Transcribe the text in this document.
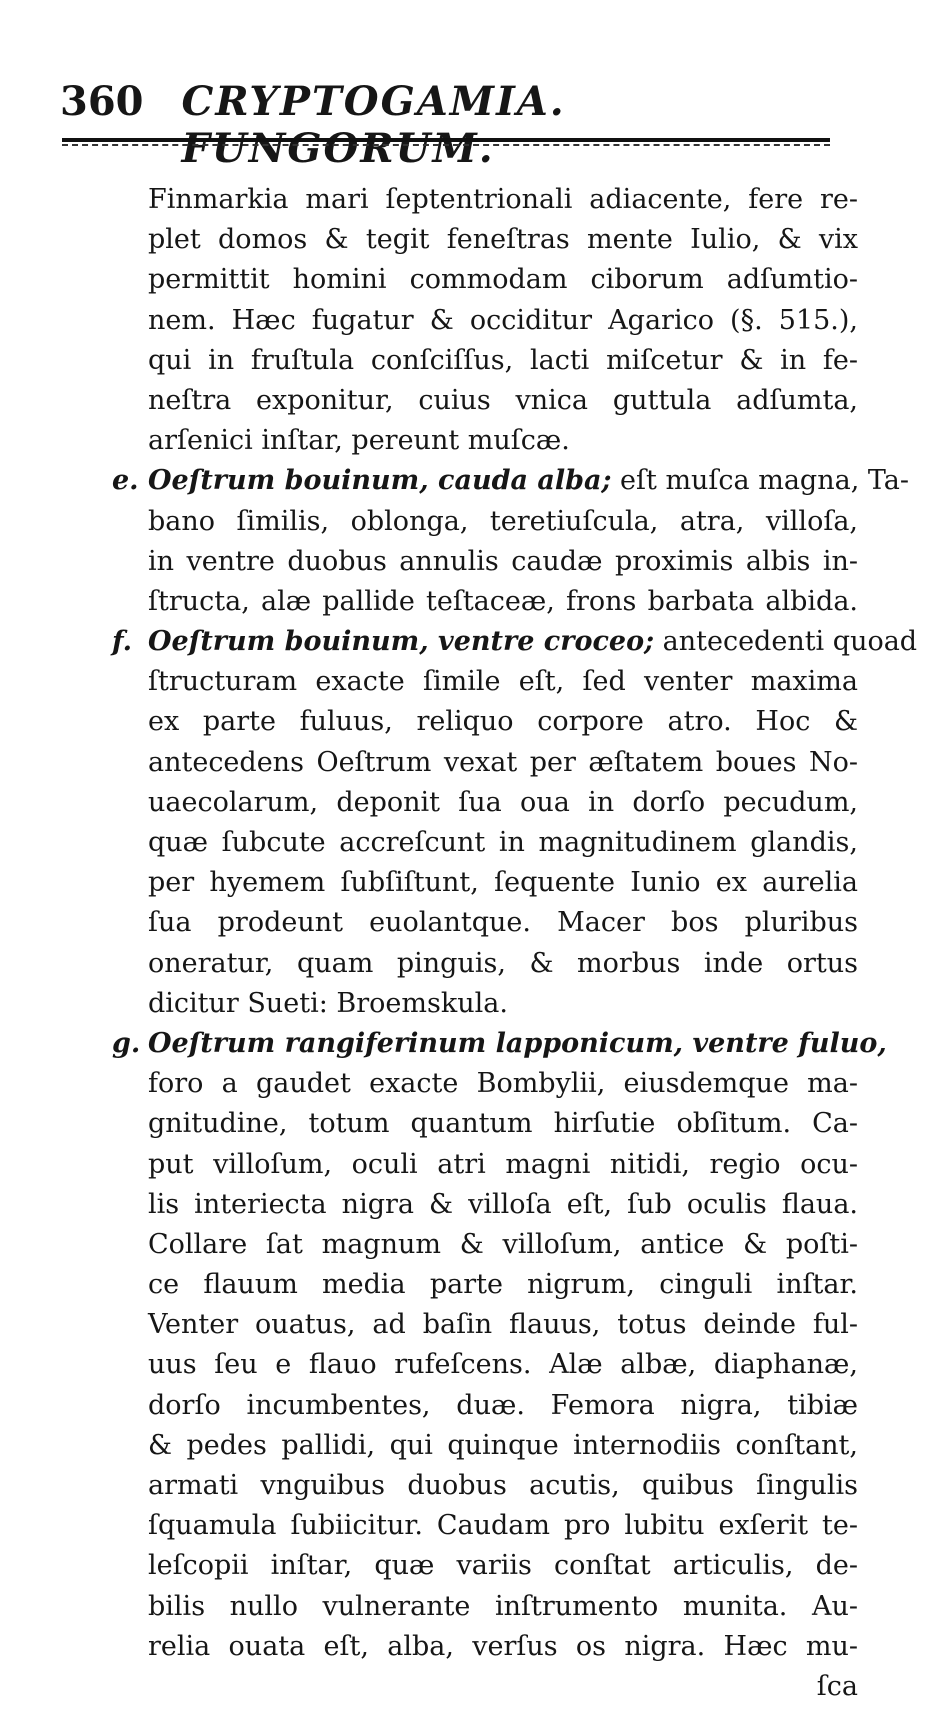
360 CRYPTOGAMIA. FUNGORUM.
Finmarkia mari ſeptentrionali adiacente, fere re-
plet domos & tegit feneſtras mente Iulio, & vix
permittit homini commodam ciborum adſumtio-
nem. Hæc fugatur & occiditur Agarico (§. 515.),
qui in fruſtula conſciſſus, lacti miſcetur & in fe-
neſtra exponitur, cuius vnica guttula adſumta,
arſenici inſtar, pereunt muſcæ.
e. Oeſtrum bouinum, cauda alba; eſt muſca magna, Ta-
bano ſimilis, oblonga, teretiuſcula, atra, villoſa,
in ventre duobus annulis caudæ proximis albis in-
ſtructa, alæ pallide teſtaceæ, frons barbata albida.
f. Oeſtrum bouinum, ventre croceo; antecedenti quoad
ſtructuram exacte ſimile eſt, ſed venter maxima
ex parte fuluus, reliquo corpore atro. Hoc &
antecedens Oeſtrum vexat per æſtatem boues No-
uaecolarum, deponit ſua oua in dorſo pecudum,
quæ ſubcute accreſcunt in magnitudinem glandis,
per hyemem ſubſiſtunt, ſequente Iunio ex aurelia
ſua prodeunt euolantque. Macer bos pluribus
oneratur, quam pinguis, & morbus inde ortus
dicitur Sueti: Broemskula.
g. Oeſtrum rangiferinum lapponicum, ventre fuluo,
foro a gaudet exacte Bombylii, eiusdemque ma-
gnitudine, totum quantum hirſutie obſitum. Ca-
put villoſum, oculi atri magni nitidi, regio ocu-
lis interiecta nigra & villoſa eſt, ſub oculis flaua.
Collare ſat magnum & villoſum, antice & poſti-
ce flauum media parte nigrum, cinguli inſtar.
Venter ouatus, ad baſin flauus, totus deinde ful-
uus ſeu e flauo rufeſcens. Alæ albæ, diaphanæ,
dorſo incumbentes, duæ. Femora nigra, tibiæ
& pedes pallidi, qui quinque internodiis conſtant,
armati vnguibus duobus acutis, quibus ſingulis
ſquamula ſubiicitur. Caudam pro lubitu exſerit te-
leſcopii inſtar, quæ variis conſtat articulis, de-
bilis nullo vulnerante inſtrumento munita. Au-
relia ouata eſt, alba, verſus os nigra. Hæc mu-
ſca
